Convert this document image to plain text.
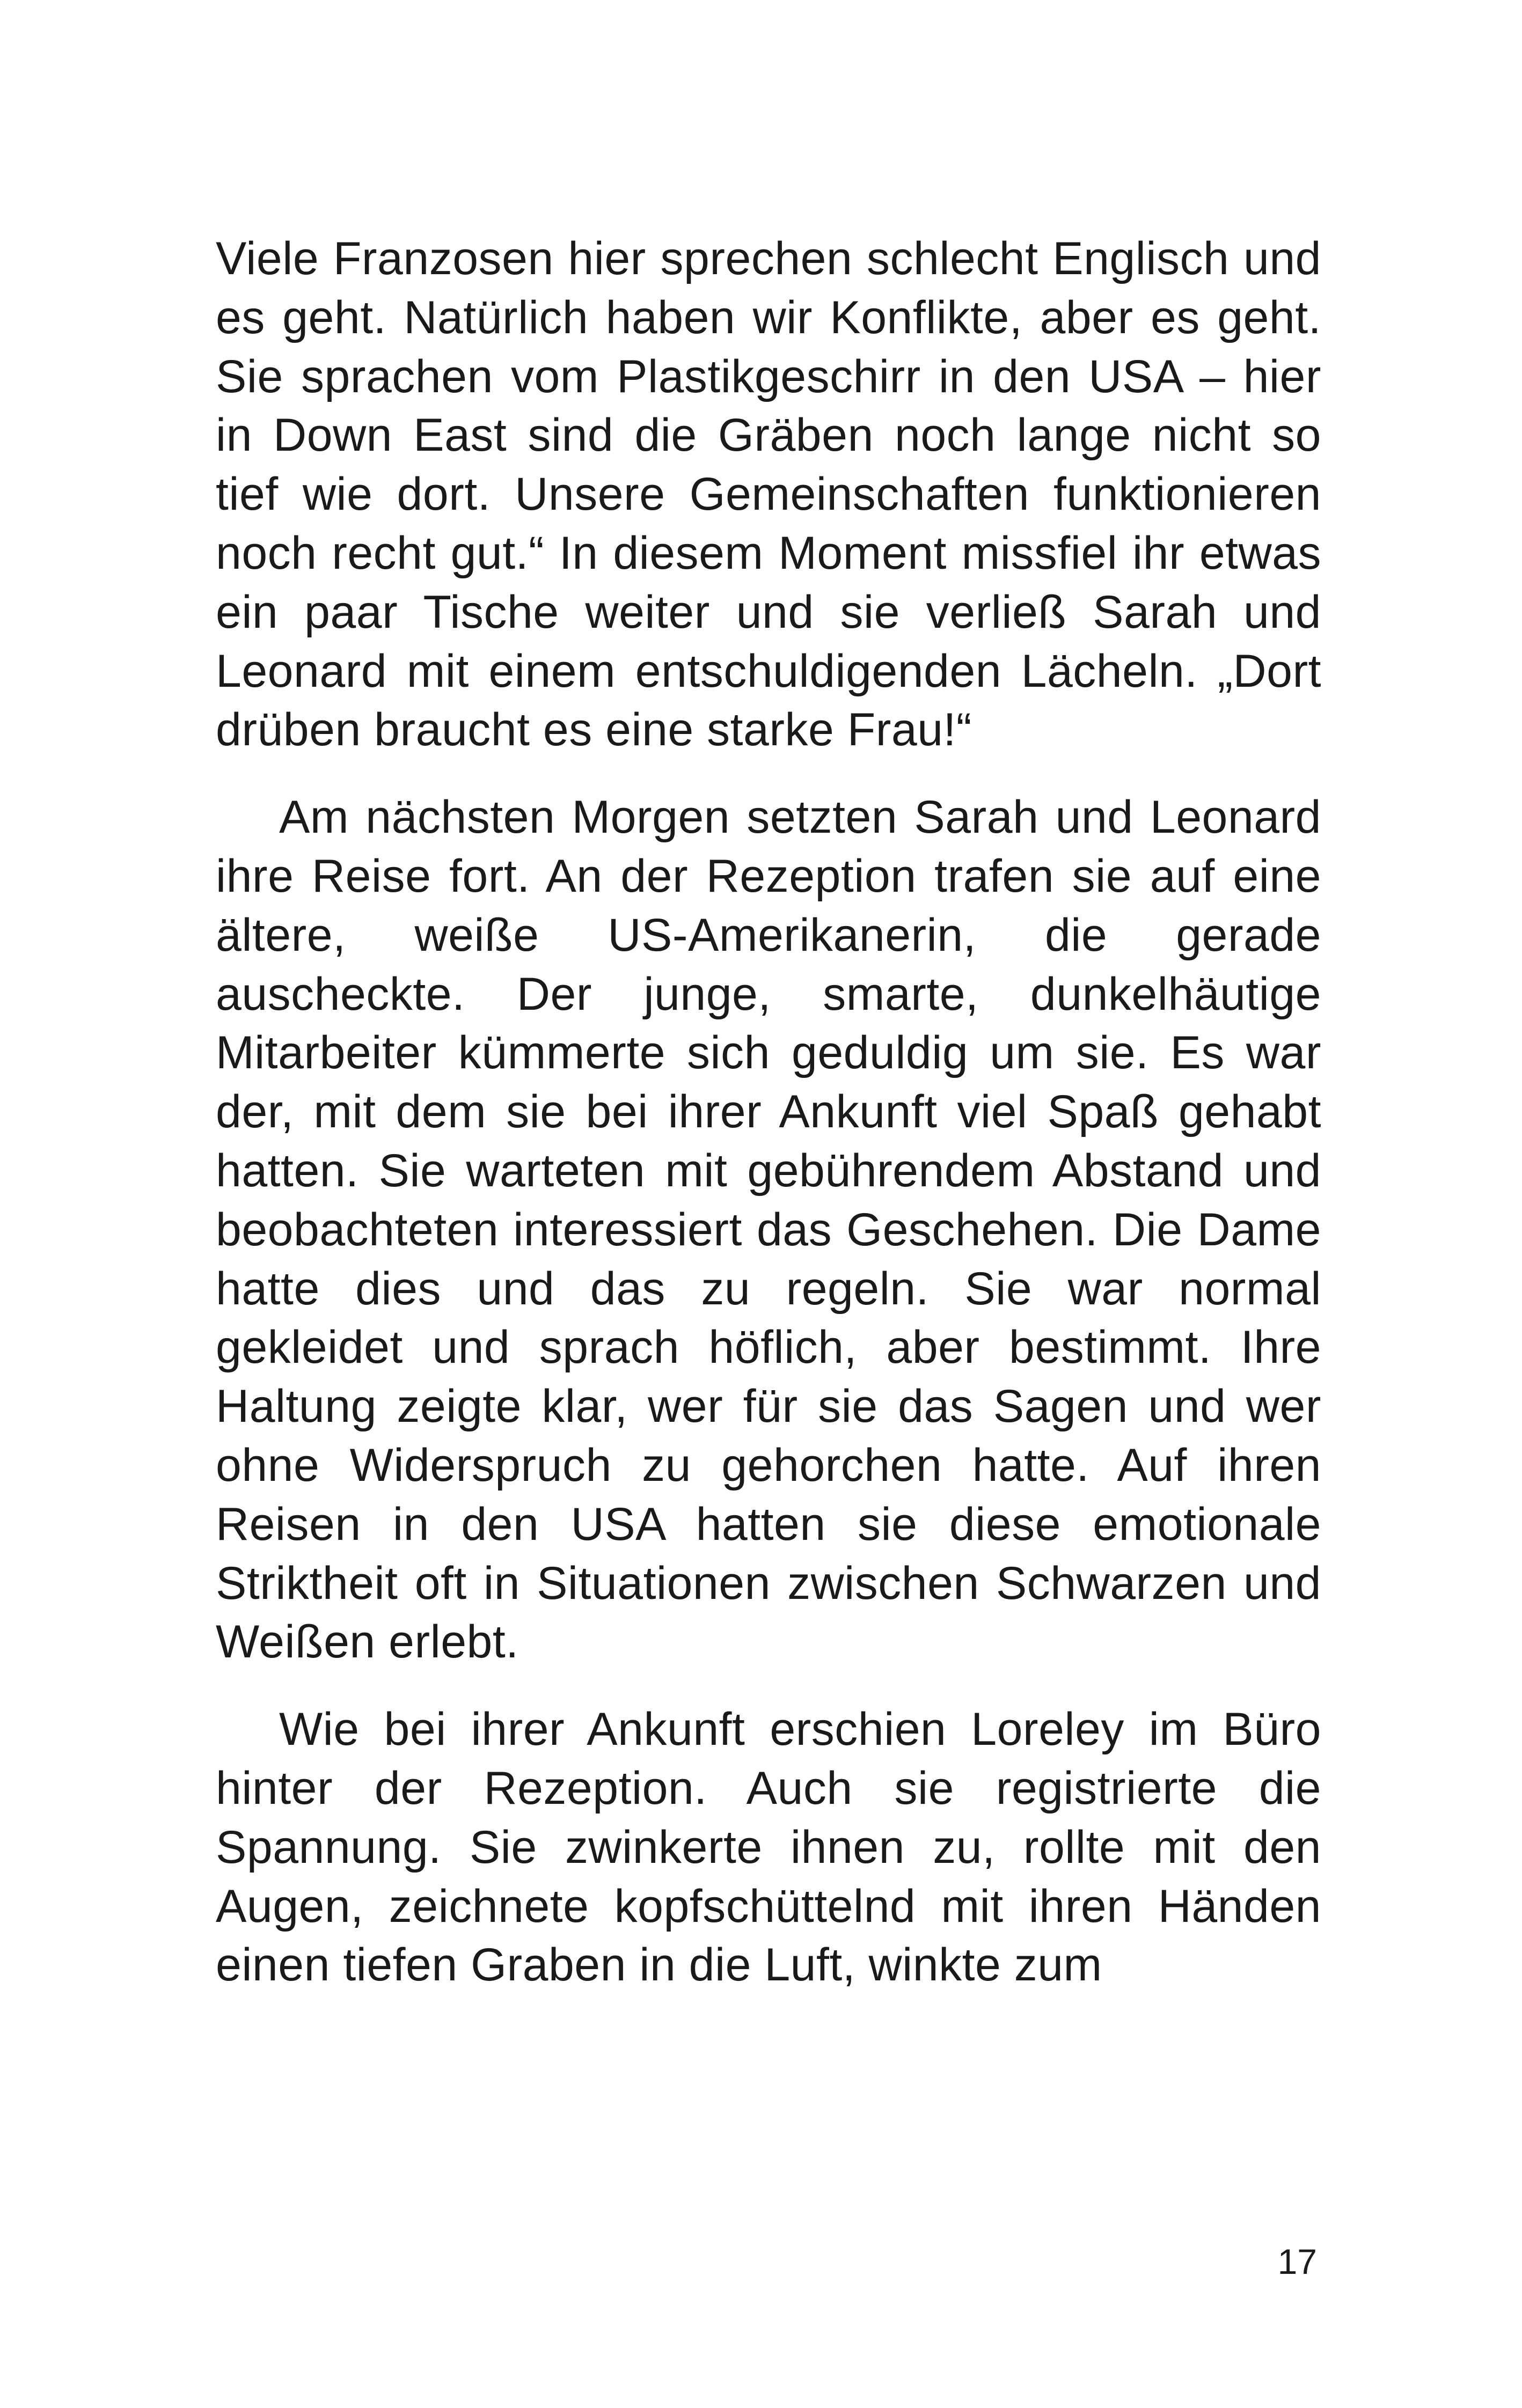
Viele Franzosen hier sprechen schlecht Englisch und es geht. Natürlich haben wir Konflikte, aber es geht. Sie sprachen vom Plastikgeschirr in den USA – hier in Down East sind die Gräben noch lange nicht so tief wie dort. Unsere Gemeinschaften funktionieren noch recht gut.“ In diesem Moment missfiel ihr etwas ein paar Tische weiter und sie verließ Sarah und Leonard mit einem entschuldigenden Lächeln. „Dort drüben braucht es eine starke Frau!“

Am nächsten Morgen setzten Sarah und Leonard ihre Reise fort. An der Rezeption trafen sie auf eine ältere, weiße US-Amerikanerin, die gerade auscheckte. Der junge, smarte, dunkelhäutige Mitarbeiter kümmerte sich geduldig um sie. Es war der, mit dem sie bei ihrer Ankunft viel Spaß gehabt hatten. Sie warteten mit gebührendem Abstand und beobachteten interessiert das Geschehen. Die Dame hatte dies und das zu regeln. Sie war normal gekleidet und sprach höflich, aber bestimmt. Ihre Haltung zeigte klar, wer für sie das Sagen und wer ohne Widerspruch zu gehorchen hatte. Auf ihren Reisen in den USA hatten sie diese emotionale Striktheit oft in Situationen zwischen Schwarzen und Weißen erlebt.

Wie bei ihrer Ankunft erschien Loreley im Büro hinter der Rezeption. Auch sie registrierte die Spannung. Sie zwinkerte ihnen zu, rollte mit den Augen, zeichnete kopfschüttelnd mit ihren Händen einen tiefen Graben in die Luft, winkte zum

17
